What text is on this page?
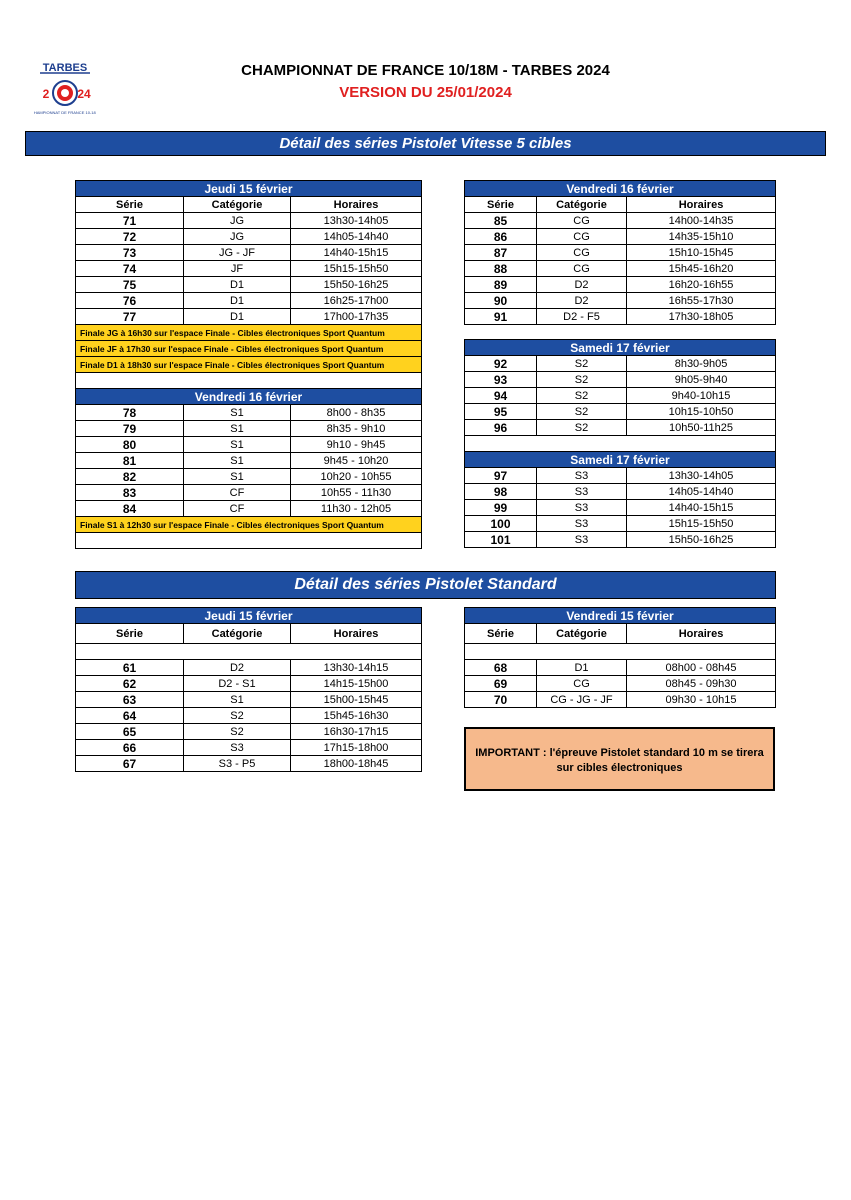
TARBES
2 24
CHAMPIONNAT DE FRANCE 10-18M
CHAMPIONNAT DE FRANCE 10/18M - TARBES 2024
VERSION DU 25/01/2024
Détail des séries Pistolet Vitesse 5 cibles
Jeudi 15 février		
Série	Catégorie	Horaires
71	JG	13h30-14h05
72	JG	14h05-14h40
73	JG - JF	14h40-15h15
74	JF	15h15-15h50
75	D1	15h50-16h25
76	D1	16h25-17h00
77	D1	17h00-17h35
Finale JG à 16h30 sur l'espace Finale - Cibles électroniques Sport Quantum		
Finale JF à 17h30 sur l'espace Finale - Cibles électroniques Sport Quantum		
Finale D1 à 18h30 sur l'espace Finale - Cibles électroniques Sport Quantum		

Vendredi 16 février		
78	S1	8h00 - 8h35
79	S1	8h35 - 9h10
80	S1	9h10 - 9h45
81	S1	9h45 - 10h20
82	S1	10h20 - 10h55
83	CF	10h55 - 11h30
84	CF	11h30 - 12h05
Finale S1 à 12h30 sur l'espace Finale - Cibles électroniques Sport Quantum		

Vendredi 16 février		
Série	Catégorie	Horaires
85	CG	14h00-14h35
86	CG	14h35-15h10
87	CG	15h10-15h45
88	CG	15h45-16h20
89	D2	16h20-16h55
90	D2	16h55-17h30
91	D2 - F5	17h30-18h05

Samedi 17 février		
92	S2	8h30-9h05
93	S2	9h05-9h40
94	S2	9h40-10h15
95	S2	10h15-10h50
96	S2	10h50-11h25

Samedi 17 février		
97	S3	13h30-14h05
98	S3	14h05-14h40
99	S3	14h40-15h15
100	S3	15h15-15h50
101	S3	15h50-16h25
Détail des séries Pistolet Standard
Jeudi 15 février		
Série	Catégorie	Horaires

61	D2	13h30-14h15
62	D2 - S1	14h15-15h00
63	S1	15h00-15h45
64	S2	15h45-16h30
65	S2	16h30-17h15
66	S3	17h15-18h00
67	S3 - P5	18h00-18h45
Vendredi 15 février		
Série	Catégorie	Horaires

68	D1	08h00 - 08h45
69	CG	08h45 - 09h30
70	CG - JG - JF	09h30 - 10h15
IMPORTANT : l'épreuve Pistolet standard 10 m se tirera
sur cibles électroniques
